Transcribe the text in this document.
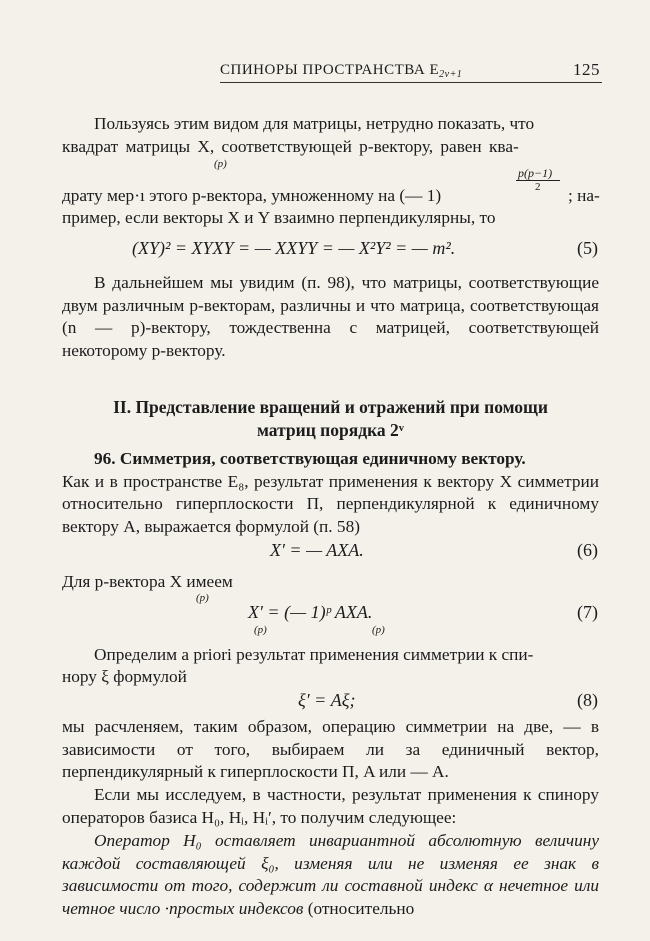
СПИНОРЫ ПРОСТРАНСТВА $E_{2\nu+1}$	125
Пользуясь этим видом для матрицы, нетрудно показать, что
квадрат матрицы X, соответствующей p-вектору, равен ква-
(p)
p(p−1)
2
драту мер·ı этого p-вектора, умноженному на (— 1)	; на-
пример, если векторы X и Y взаимно перпендикулярны, то
(XY)² = XYXY = — XXYY = — X²Y² = — m².	(5)
В дальнейшем мы увидим (п. 98), что матрицы, соответствующие двум различным p-векторам, различны и что матрица, соответствующая (n — p)-вектору, тождественна с матрицей, соответствующей некоторому p-вектору.
II. Представление вращений и отражений при помощи
матриц порядка 2ᵛ
96. Симметрия, соответствующая единичному вектору.
Как и в пространстве E₈, результат применения к вектору X симметрии относительно гиперплоскости Π, перпендикулярной к единичному вектору A, выражается формулой (п. 58)
X′ = — AXA.	(6)
Для p-вектора X имеем
(p)
X′ = (— 1)ᵖ AXA.
(p)	(p)
(7)
Определим a priori результат применения симметрии к спи-
нору ξ формулой
ξ′ = Aξ;	(8)
мы расчленяем, таким образом, операцию симметрии на две, — в зависимости от того, выбираем ли за единичный вектор, перпендикулярный к гиперплоскости Π, A или — A.
Если мы исследуем, в частности, результат применения к спинору операторов базиса H₀, Hᵢ, Hᵢ′, то получим следующее:
Оператор H₀ оставляет инвариантной абсолютную величину каждой составляющей ξ₀, изменяя или не изменяя ее знак в зависимости от того, содержит ли составной индекс α нечетное или четное число ·простых индексов (относительно
